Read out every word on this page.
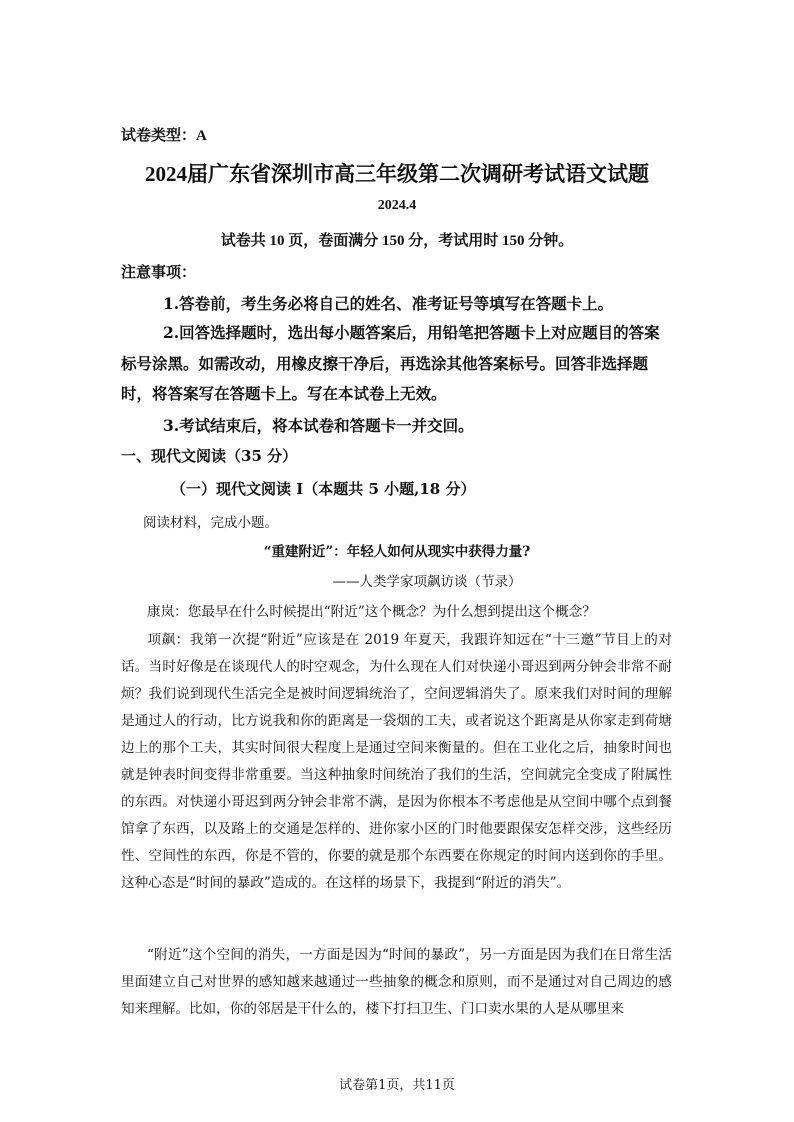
试卷类型：A
2024届广东省深圳市高三年级第二次调研考试语文试题
2024.4
试卷共 10 页，卷面满分 150 分，考试用时 150 分钟。
注意事项：
1.答卷前，考生务必将自己的姓名、准考证号等填写在答题卡上。
2.回答选择题时，选出每小题答案后，用铅笔把答题卡上对应题目的答案标号涂黑。如需改动，用橡皮擦干净后，再选涂其他答案标号。回答非选择题时，将答案写在答题卡上。写在本试卷上无效。
3.考试结束后，将本试卷和答题卡一并交回。
一、现代文阅读（35 分）
（一）现代文阅读 I（本题共 5 小题,18 分）
阅读材料，完成小题。
“重建附近”：年轻人如何从现实中获得力量?
——人类学家项飙访谈（节录）
康岚：您最早在什么时候提出“附近”这个概念？为什么想到提出这个概念？
项飙：我第一次提“附近”应该是在 2019 年夏天，我跟许知远在“十三邀”节目上的对话。当时好像是在谈现代人的时空观念，为什么现在人们对快递小哥迟到两分钟会非常不耐烦？我们说到现代生活完全是被时间逻辑统治了，空间逻辑消失了。原来我们对时间的理解是通过人的行动，比方说我和你的距离是一袋烟的工夫，或者说这个距离是从你家走到荷塘边上的那个工夫，其实时间很大程度上是通过空间来衡量的。但在工业化之后，抽象时间也就是钟表时间变得非常重要。当这种抽象时间统治了我们的生活，空间就完全变成了附属性的东西。对快递小哥迟到两分钟会非常不满，是因为你根本不考虑他是从空间中哪个点到餐馆拿了东西，以及路上的交通是怎样的、进你家小区的门时他要跟保安怎样交涉，这些经历性、空间性的东西，你是不管的，你要的就是那个东西要在你规定的时间内送到你的手里。这种心态是“时间的暴政”造成的。在这样的场景下，我提到“附近的消失”。
“附近”这个空间的消失，一方面是因为“时间的暴政”，另一方面是因为我们在日常生活里面建立自己对世界的感知越来越通过一些抽象的概念和原则，而不是通过对自己周边的感知来理解。比如，你的邻居是干什么的，楼下打扫卫生、门口卖水果的人是从哪里来
试卷第1页，共11页
